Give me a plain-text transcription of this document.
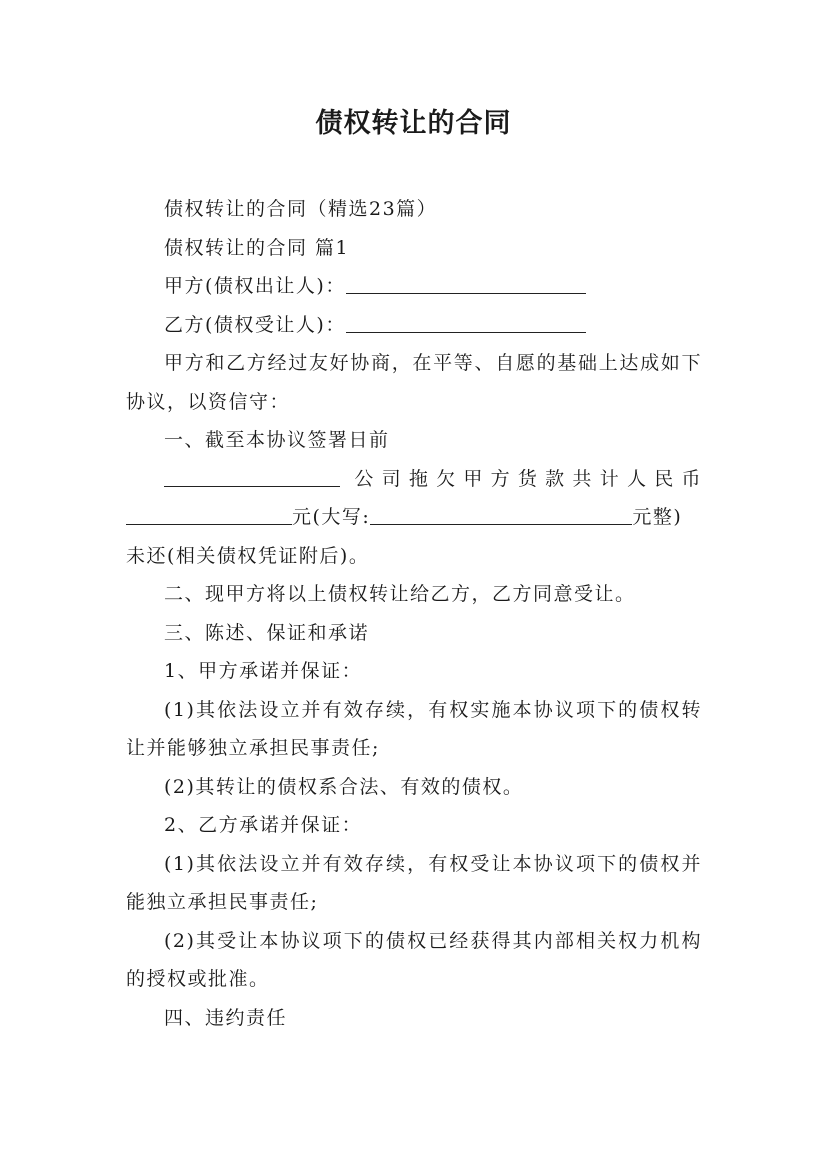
债权转让的合同

债权转让的合同（精选23篇）

债权转让的合同 篇1

甲方(债权出让人)：

乙方(债权受让人)：

甲方和乙方经过友好协商，在平等、自愿的基础上达成如下协议，以资信守：

一、截至本协议签署日前

公司拖欠甲方货款共计人民币
元(大写:	元整)
未还(相关债权凭证附后)。

二、现甲方将以上债权转让给乙方，乙方同意受让。

三、陈述、保证和承诺

1、甲方承诺并保证：

(1)其依法设立并有效存续，有权实施本协议项下的债权转让并能够独立承担民事责任;

(2)其转让的债权系合法、有效的债权。

2、乙方承诺并保证：

(1)其依法设立并有效存续，有权受让本协议项下的债权并能独立承担民事责任;

(2)其受让本协议项下的债权已经获得其内部相关权力机构的授权或批准。

四、违约责任
